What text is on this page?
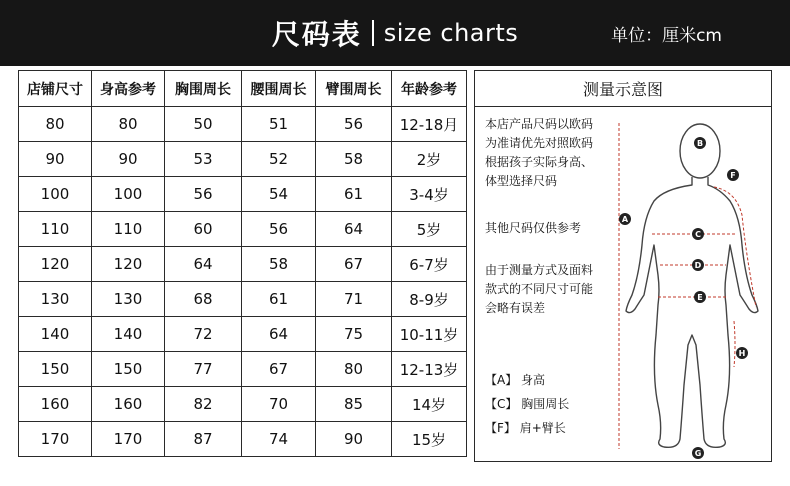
尺码表 size charts	单位：厘米cm
店铺尺寸	身高参考	胸围周长	腰围周长	臂围周长	年龄参考
80	80	50	51	56	12-18月
90	90	53	52	58	2岁
100	100	56	54	61	3-4岁
110	110	60	56	64	5岁
120	120	64	58	67	6-7岁
130	130	68	61	71	8-9岁
140	140	72	64	75	10-11岁
150	150	77	67	80	12-13岁
160	160	82	70	85	14岁
170	170	87	74	90	15岁
测量示意图
本店产品尺码以欧码
为准请优先对照欧码
根据孩子实际身高、
体型选择尺码
其他尺码仅供参考
由于测量方式及面料
款式的不同尺寸可能
会略有误差
【A】 身高
【C】 胸围周长
【F】 肩+臂长
A
B
C
D
E
F
G
H
